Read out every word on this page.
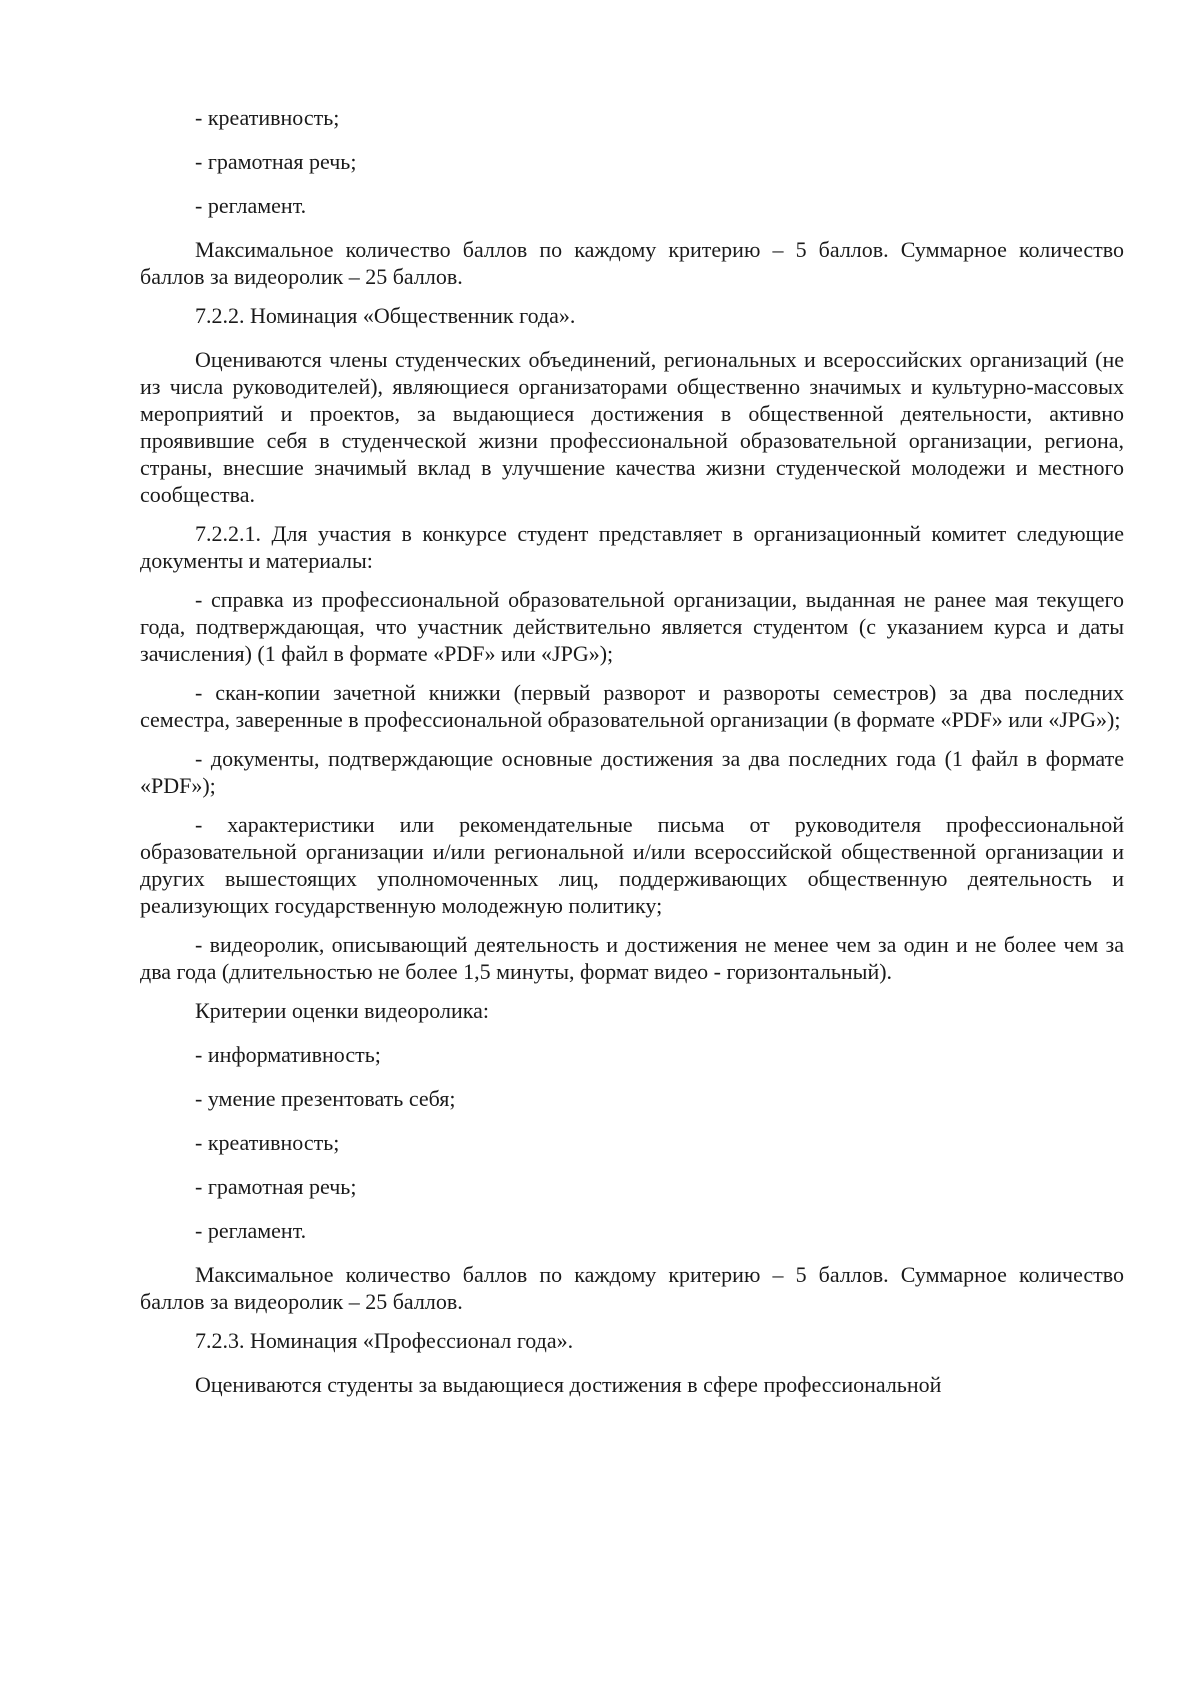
- креативность;
- грамотная речь;
- регламент.
Максимальное количество баллов по каждому критерию – 5 баллов. Суммарное количество баллов за видеоролик – 25 баллов.
7.2.2. Номинация «Общественник года».
Оцениваются члены студенческих объединений, региональных и всероссийских организаций (не из числа руководителей), являющиеся организаторами общественно значимых и культурно-массовых мероприятий и проектов, за выдающиеся достижения в общественной деятельности, активно проявившие себя в студенческой жизни профессиональной образовательной организации, региона, страны, внесшие значимый вклад в улучшение качества жизни студенческой молодежи и местного сообщества.
7.2.2.1. Для участия в конкурсе студент представляет в организационный комитет следующие документы и материалы:
- справка из профессиональной образовательной организации, выданная не ранее мая текущего года, подтверждающая, что участник действительно является студентом (с указанием курса и даты зачисления) (1 файл в формате «PDF» или «JPG»);
- скан-копии зачетной книжки (первый разворот и развороты семестров) за два последних семестра, заверенные в профессиональной образовательной организации (в формате «PDF» или «JPG»);
- документы, подтверждающие основные достижения за два последних года (1 файл в формате «PDF»);
- характеристики или рекомендательные письма от руководителя профессиональной образовательной организации и/или региональной и/или всероссийской общественной организации и других вышестоящих уполномоченных лиц, поддерживающих общественную деятельность и реализующих государственную молодежную политику;
- видеоролик, описывающий деятельность и достижения не менее чем за один и не более чем за два года (длительностью не более 1,5 минуты, формат видео - горизонтальный).
Критерии оценки видеоролика:
- информативность;
- умение презентовать себя;
- креативность;
- грамотная речь;
- регламент.
Максимальное количество баллов по каждому критерию – 5 баллов. Суммарное количество баллов за видеоролик – 25 баллов.
7.2.3. Номинация «Профессионал года».
Оцениваются студенты за выдающиеся достижения в сфере профессиональной
